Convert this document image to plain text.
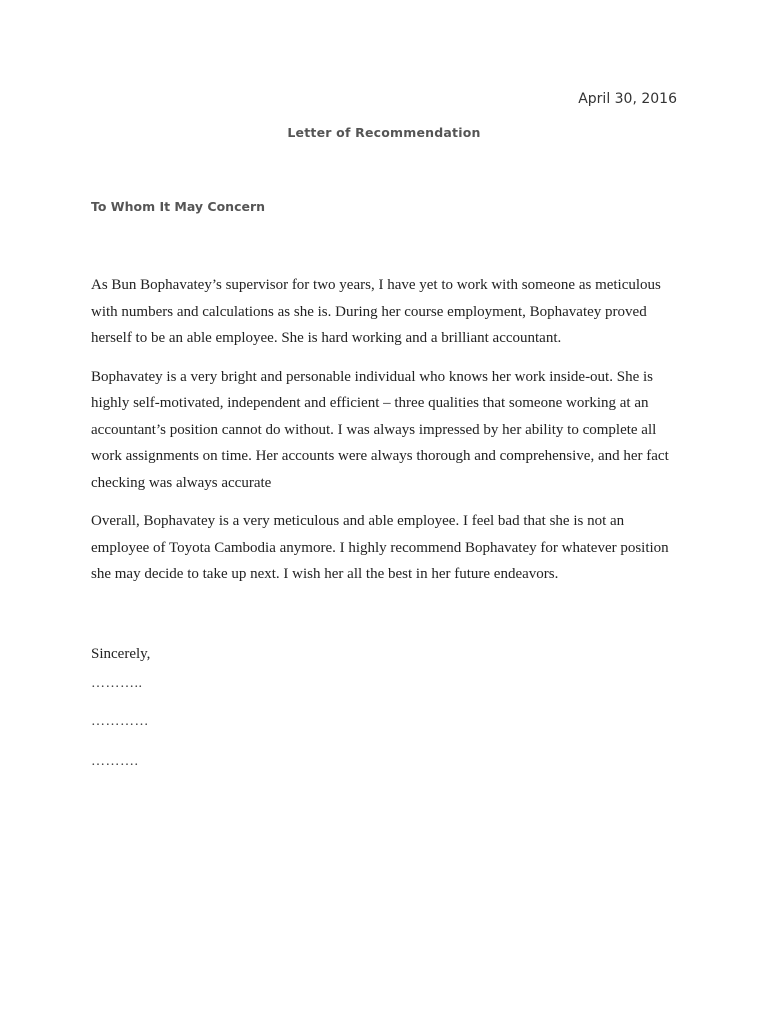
April 30, 2016
Letter of Recommendation
To Whom It May Concern

As Bun Bophavatey’s supervisor for two years, I have yet to work with someone as meticulous with numbers and calculations as she is. During her course employment, Bophavatey proved herself to be an able employee. She is hard working and a brilliant accountant.

Bophavatey is a very bright and personable individual who knows her work inside-out. She is highly self-motivated, independent and efficient – three qualities that someone working at an accountant’s position cannot do without. I was always impressed by her ability to complete all work assignments on time. Her accounts were always thorough and comprehensive, and her fact checking was always accurate

Overall, Bophavatey is a very meticulous and able employee. I feel bad that she is not an employee of Toyota Cambodia anymore. I highly recommend Bophavatey for whatever position she may decide to take up next. I wish her all the best in her future endeavors.

Sincerely,
………..
…………
……….
